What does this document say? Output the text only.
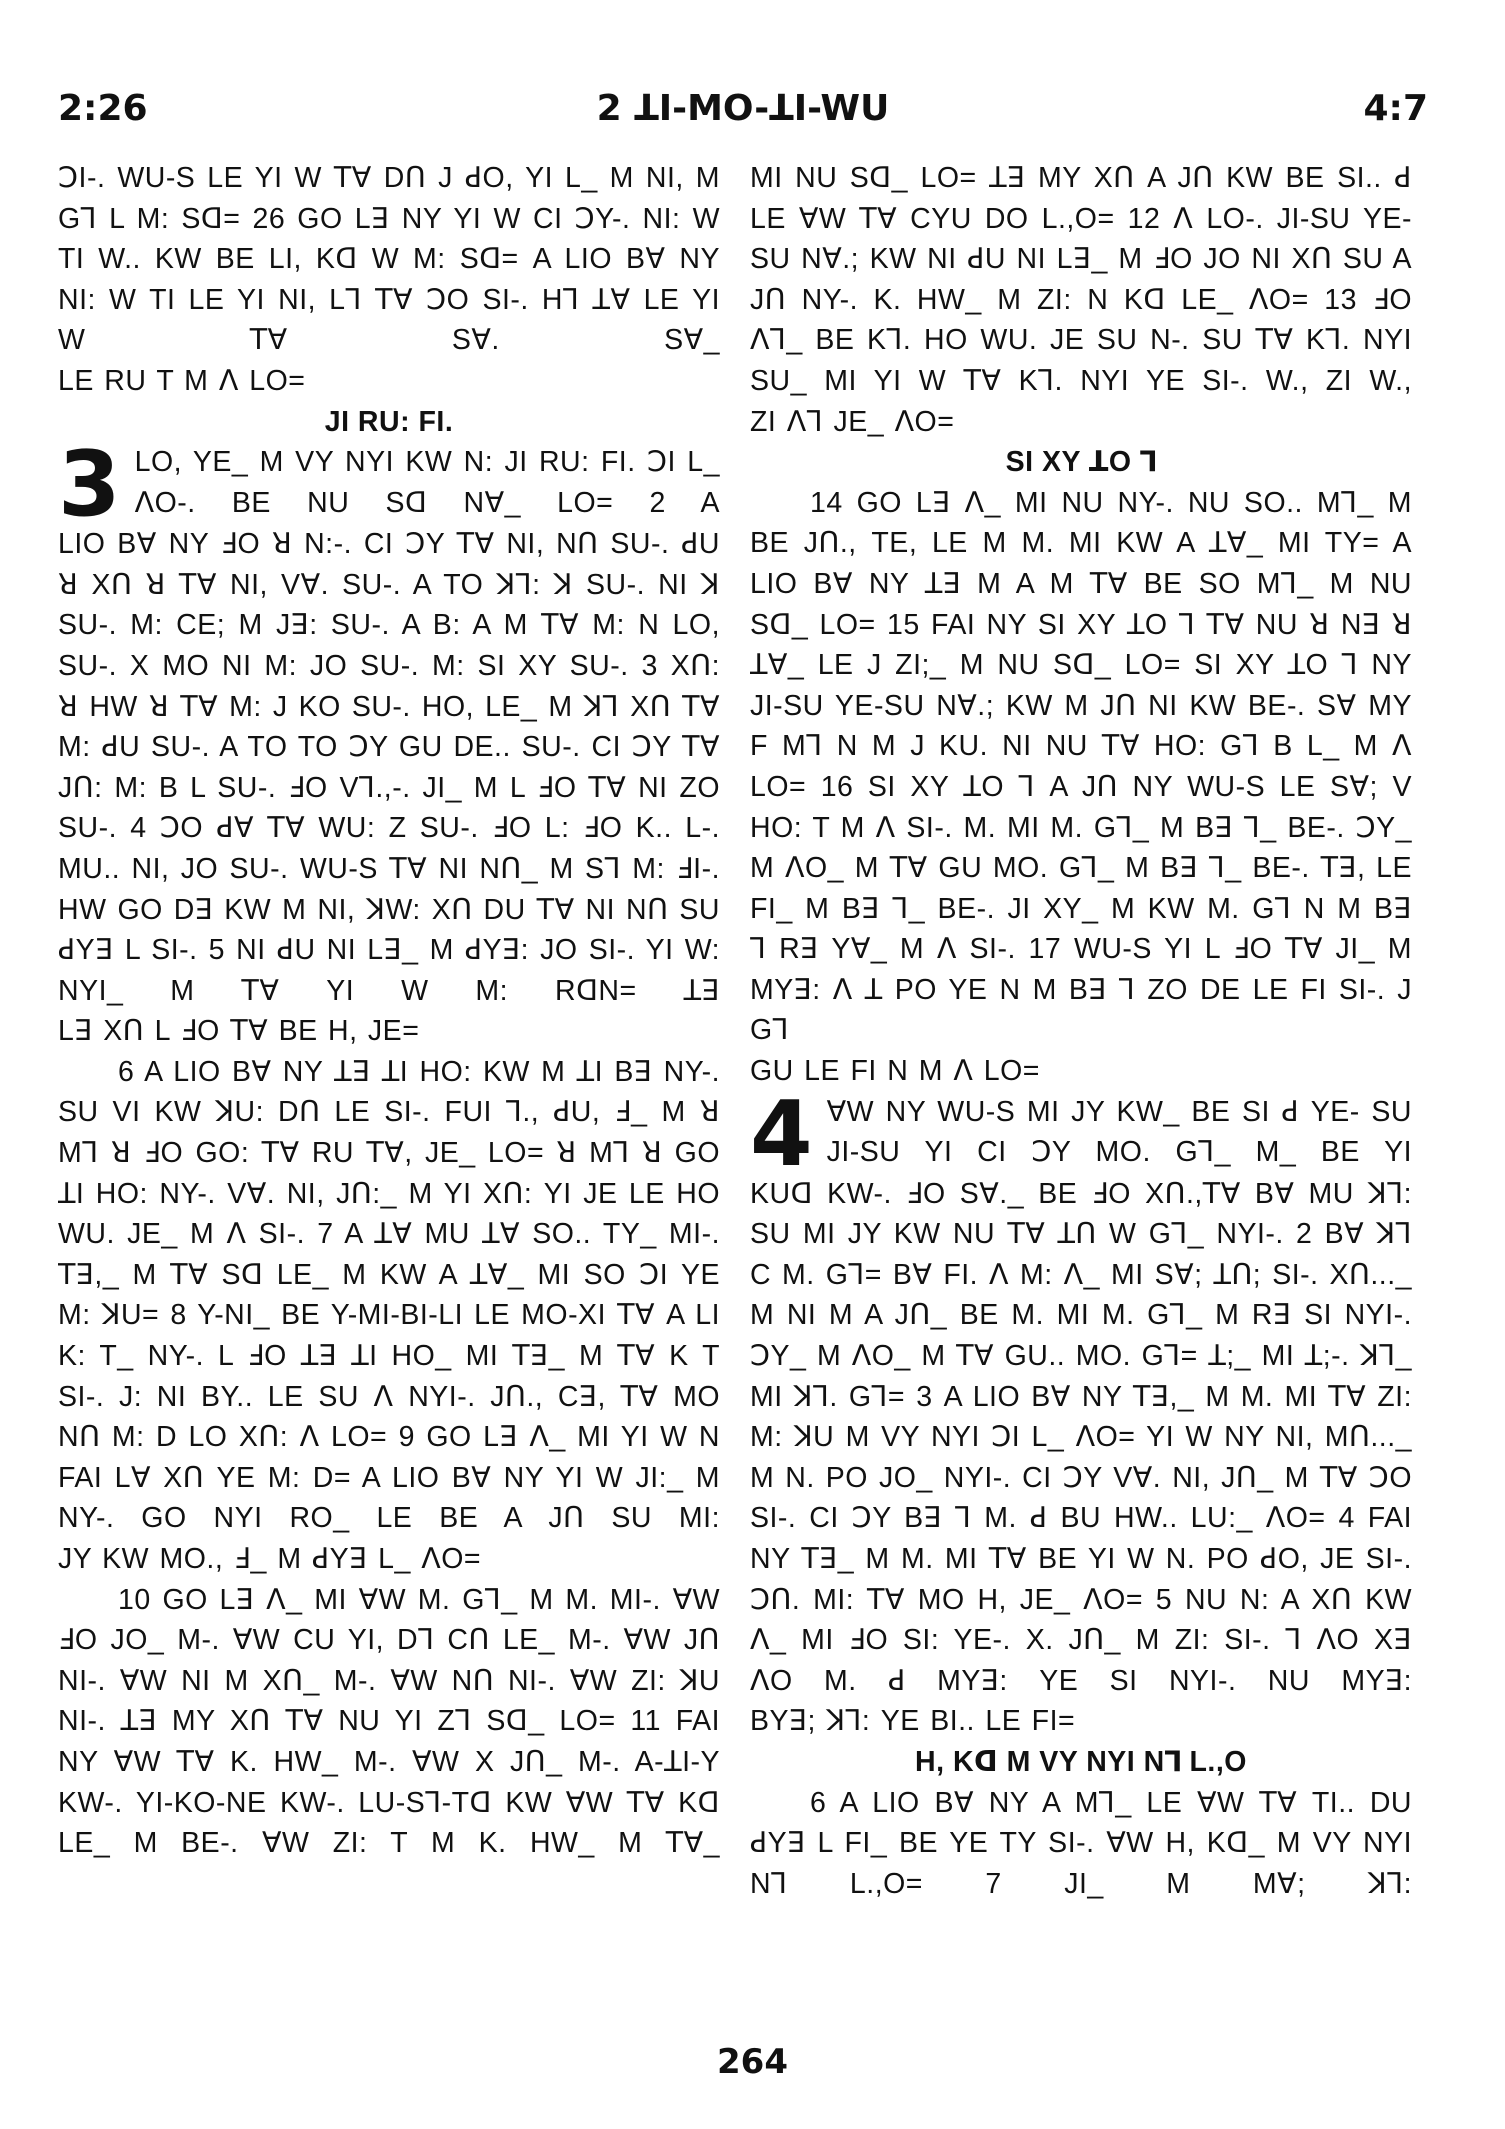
2:26	2 ꓕI-MO-ꓕI-WU	4:7

ꓛI-. WU-S LE YI W ꓔꓯ Dꓵ J ꓒO, YI L_ M NI, M Gꓶ L M: Sꓷ= 26 GO Lꓱ NY YI W CI ꓛY-. NI: W TI W.. KW BE LI, Kꓷ W M: Sꓷ= A LIO Bꓯ NY NI: W TI LE YI NI, Lꓶ ꓔꓯ ꓛO SI-. Hꓶ ꓕꓯ LE YI W ꓔꓯ Sꓯ. Sꓯ_

LE RU T M ꓥ LO=

JI RU: FI.
3 LO, YE_ M VY NYI KW N: JI RU: FI. ꓛI L_ ꓥO-. BE NU Sꓷ Nꓯ_ LO= 2 A

LIO Bꓯ NY ꓞO ꓤ N:-. CI ꓛY ꓔꓯ NI, Nꓵ SU-. ꓒU ꓤ Xꓵ ꓤ ꓔꓯ NI, Vꓯ. SU-. A TO ꓘꓶ: ꓘ SU-. NI ꓘ SU-. M: CE; M Jꓱ: SU-. A B: A M ꓔꓯ M: N LO, SU-. X MO NI M: JO SU-. M: SI XY SU-. 3 Xꓵ: ꓤ HW ꓤ ꓔꓯ M: J KO SU-. HO, LE_ M ꓘꓶ Xꓵ ꓔꓯ M: ꓒU SU-. A TO TO ꓛY GU DE.. SU-. CI ꓛY ꓔꓯ Jꓵ: M: B L SU-. ꓞO Vꓶ.,-. JI_ M L ꓞO ꓔꓯ NI ZO SU-. 4 ꓛO ꓒꓯ ꓔꓯ WU: Z SU-. ꓞO L: ꓞO K.. L-. MU.. NI, JO SU-. WU-S ꓔꓯ NI Nꓵ_ M Sꓶ M: ꓞI-. HW GO Dꓱ KW M NI, ꓘW: Xꓵ DU ꓔꓯ NI Nꓵ SU ꓒYꓱ L SI-. 5 NI ꓒU NI Lꓱ_ M ꓒYꓱ: JO SI-. YI W: NYI_ M ꓔꓯ YI W M: RꓷN= ꓕꓱ

Lꓱ Xꓵ L ꓞO ꓔꓯ BE H, JE=

6 A LIO Bꓯ NY ꓕꓱ ꓕI HO: KW M ꓕI Bꓱ NY-. SU VI KW ꓘU: Dꓵ LE SI-. FUI ꓶ., ꓒU, ꓞ_ M ꓤ Mꓶ ꓤ ꓞO GO: ꓔꓯ RU ꓔꓯ, JE_ LO= ꓤ Mꓶ ꓤ GO ꓕI HO: NY-. Vꓯ. NI, Jꓵ:_ M YI Xꓵ: YI JE LE HO WU. JE_ M ꓥ SI-. 7 A ꓕꓯ MU ꓕꓯ SO.. TY_ MI-. ꓔꓱ,_ M ꓔꓯ Sꓷ LE_ M KW A ꓕꓯ_ MI SO ꓛI YE M: ꓘU= 8 Y-NI_ BE Y-MI-BI-LI LE MO-XI ꓔꓯ A LI K: T_ NY-. L ꓞO ꓕꓱ ꓕI HO_ MI ꓔꓱ_ M ꓔꓯ K T SI-. J: NI BY.. LE SU ꓥ NYI-. Jꓵ., Cꓱ, ꓔꓯ MO Nꓵ M: D LO Xꓵ: ꓥ LO= 9 GO Lꓱ ꓥ_ MI YI W N FAI Lꓯ Xꓵ YE M: D= A LIO Bꓯ NY YI W JI:_ M NY-. GO NYI RO_ LE BE A Jꓵ SU MI:

JY KW MO., ꓞ_ M ꓒYꓱ L_ ꓥO=

10 GO Lꓱ ꓥ_ MI ꓯW M. Gꓶ_ M M. MI-. ꓯW ꓞO JO_ M-. ꓯW CU YI, Dꓶ Cꓵ LE_ M-. ꓯW Jꓵ NI-. ꓯW NI M Xꓵ_ M-. ꓯW Nꓵ NI-. ꓯW ZI: ꓘU NI-. ꓕꓱ MY Xꓵ ꓔꓯ NU YI Zꓶ Sꓷ_ LO= 11 FAI NY ꓯW ꓔꓯ K. HW_ M-. ꓯW X Jꓵ_ M-. A-ꓕI-Y KW-. YI-KO-NE KW-. LU-Sꓶ-Tꓷ KW ꓯW ꓔꓯ Kꓷ LE_ M BE-. ꓯW ZI: T M K. HW_ M ꓔꓯ_

MI NU Sꓷ_ LO= ꓕꓱ MY Xꓵ A Jꓵ KW BE SI.. ꓒ LE ꓯW ꓔꓯ CYU DO L.,O= 12 ꓥ LO-. JI-SU YE-SU Nꓯ.; KW NI ꓒU NI Lꓱ_ M ꓞO JO NI Xꓵ SU A Jꓵ NY-. K. HW_ M ZI: N Kꓷ LE_ ꓥO= 13 ꓞO ꓥꓶ_ BE Kꓶ. HO WU. JE SU N-. SU ꓔꓯ Kꓶ. NYI SU_ MI YI W ꓔꓯ Kꓶ. NYI YE SI-. W., ZI W.,

ZI ꓥꓶ JE_ ꓥO=

SI XY ꓕO ꓶ

14 GO Lꓱ ꓥ_ MI NU NY-. NU SO.. Mꓶ_ M BE Jꓵ., TE, LE M M. MI KW A ꓕꓯ_ MI TY= A LIO Bꓯ NY ꓕꓱ M A M ꓔꓯ BE SO Mꓶ_ M NU Sꓷ_ LO= 15 FAI NY SI XY ꓕO ꓶ ꓔꓯ NU ꓤ Nꓱ ꓤ ꓕꓯ_ LE J ZI;_ M NU Sꓷ_ LO= SI XY ꓕO ꓶ NY JI-SU YE-SU Nꓯ.; KW M Jꓵ NI KW BE-. Sꓯ MY F Mꓶ N M J KU. NI NU ꓔꓯ HO: Gꓶ B L_ M ꓥ LO= 16 SI XY ꓕO ꓶ A Jꓵ NY WU-S LE Sꓯ; V HO: T M ꓥ SI-. M. MI M. Gꓶ_ M Bꓱ ꓶ_ BE-. ꓛY_ M ꓥO_ M ꓔꓯ GU MO. Gꓶ_ M Bꓱ ꓶ_ BE-. ꓔꓱ, LE FI_ M Bꓱ ꓶ_ BE-. JI XY_ M KW M. Gꓶ N M Bꓱ ꓶ Rꓱ Yꓯ_ M ꓥ SI-. 17 WU-S YI L ꓞO ꓔꓯ JI_ M MYꓱ: ꓥ ꓕ PO YE N M Bꓱ ꓶ ZO DE LE FI SI-. J Gꓶ

GU LE FI N M ꓥ LO=

4 ꓯW NY WU-S MI JY KW_ BE SI ꓒ YE- SU JI-SU YI CI ꓛY MO. Gꓶ_ M_ BE YI

KUꓷ KW-. ꓞO Sꓯ._ BE ꓞO Xꓵ.,ꓔꓯ Bꓯ MU ꓘꓶ: SU MI JY KW NU ꓔꓯ ꓕꓵ W Gꓶ_ NYI-. 2 Bꓯ ꓘꓶ C M. Gꓶ= Bꓯ FI. ꓥ M: ꓥ_ MI Sꓯ; ꓕꓵ; SI-. Xꓵ..._ M NI M A Jꓵ_ BE M. MI M. Gꓶ_ M Rꓱ SI NYI-. ꓛY_ M ꓥO_ M ꓔꓯ GU.. MO. Gꓶ= ꓕ;_ MI ꓕ;-. ꓘꓶ_ MI ꓘꓶ. Gꓶ= 3 A LIO Bꓯ NY ꓔꓱ,_ M M. MI ꓔꓯ ZI: M: ꓘU M VY NYI ꓛI L_ ꓥO= YI W NY NI, Mꓵ..._ M N. PO JO_ NYI-. CI ꓛY Vꓯ. NI, Jꓵ_ M ꓔꓯ ꓛO SI-. CI ꓛY Bꓱ ꓶ M. ꓒ BU HW.. LU:_ ꓥO= 4 FAI NY ꓔꓱ_ M M. MI ꓔꓯ BE YI W N. PO ꓒO, JE SI-. ꓛꓵ. MI: ꓔꓯ MO H, JE_ ꓥO= 5 NU N: A Xꓵ KW ꓥ_ MI ꓞO SI: YE-. X. Jꓵ_ M ZI: SI-. ꓶ ꓥO Xꓱ ꓥO M. ꓒ MYꓱ: YE SI NYI-. NU MYꓱ:

BYꓱ; ꓘꓶ: YE BI.. LE FI=

H, Kꓷ M VY NYI Nꓶ L.,O

6 A LIO Bꓯ NY A Mꓶ_ LE ꓯW ꓔꓯ TI.. DU ꓒYꓱ L FI_ BE YE TY SI-. ꓯW H, Kꓷ_ M VY NYI Nꓶ L.,O= 7 JI_ M Mꓯ; ꓘꓶ:

264
